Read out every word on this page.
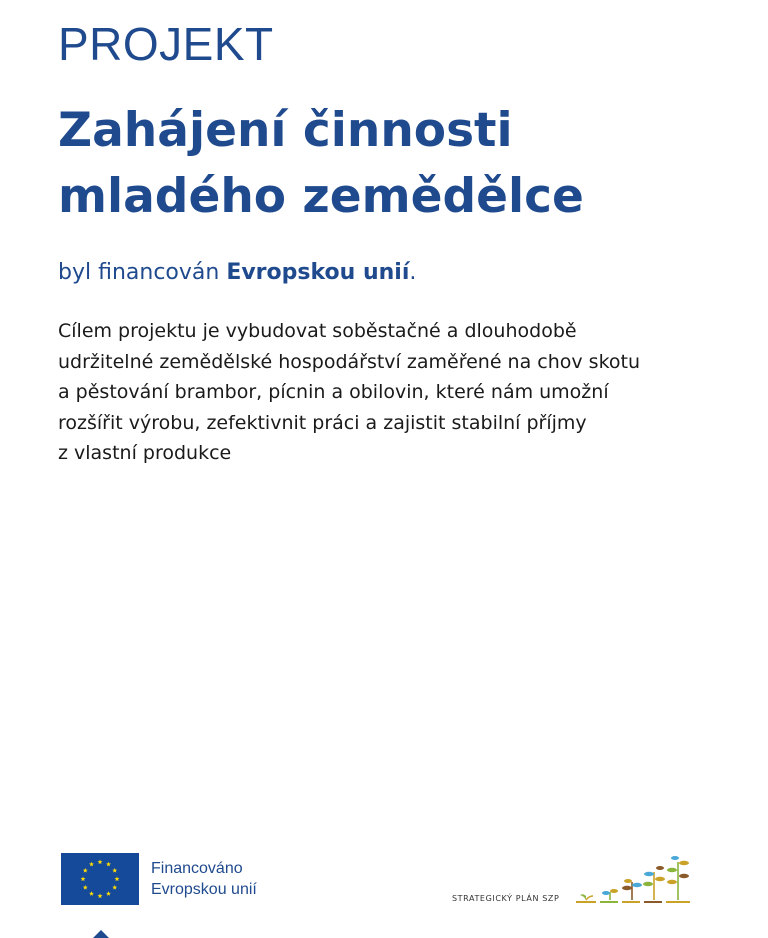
PROJEKT
Zahájení činnosti mladého zemědělce
byl financován Evropskou unií.
Cílem projektu je vybudovat soběstačné a dlouhodobě
udržitelné zemědělské hospodářství zaměřené na chov skotu
a pěstování brambor, pícnin a obilovin, které nám umožní
rozšířit výrobu, zefektivnit práci a zajistit stabilní příjmy
z vlastní produkce
Financováno
Evropskou unií
STRATEGICKÝ PLÁN SZP
